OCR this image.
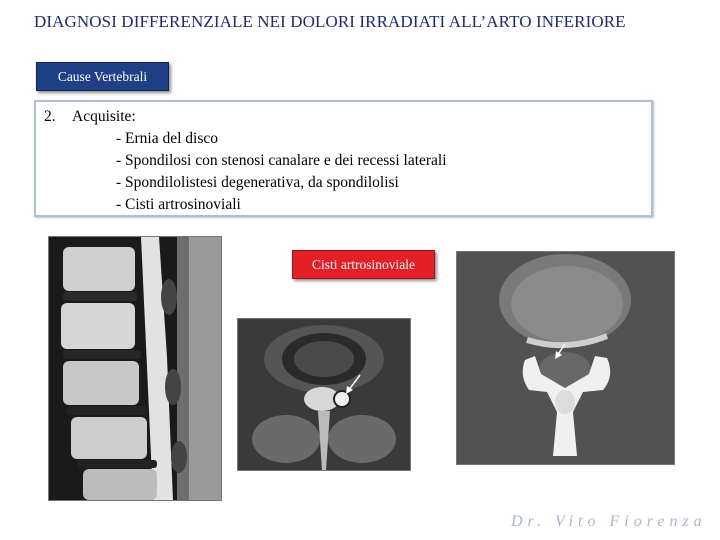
DIAGNOSI DIFFERENZIALE NEI DOLORI IRRADIATI ALL’ARTO INFERIORE
Cause Vertebrali
2. Acquisite:
- Ernia del disco
- Spondilosi con stenosi canalare e dei recessi laterali
- Spondilolistesi degenerativa, da spondilolisi
- Cisti artrosinoviali
Cisti artrosinoviale
Dr. Vito Fiorenza
